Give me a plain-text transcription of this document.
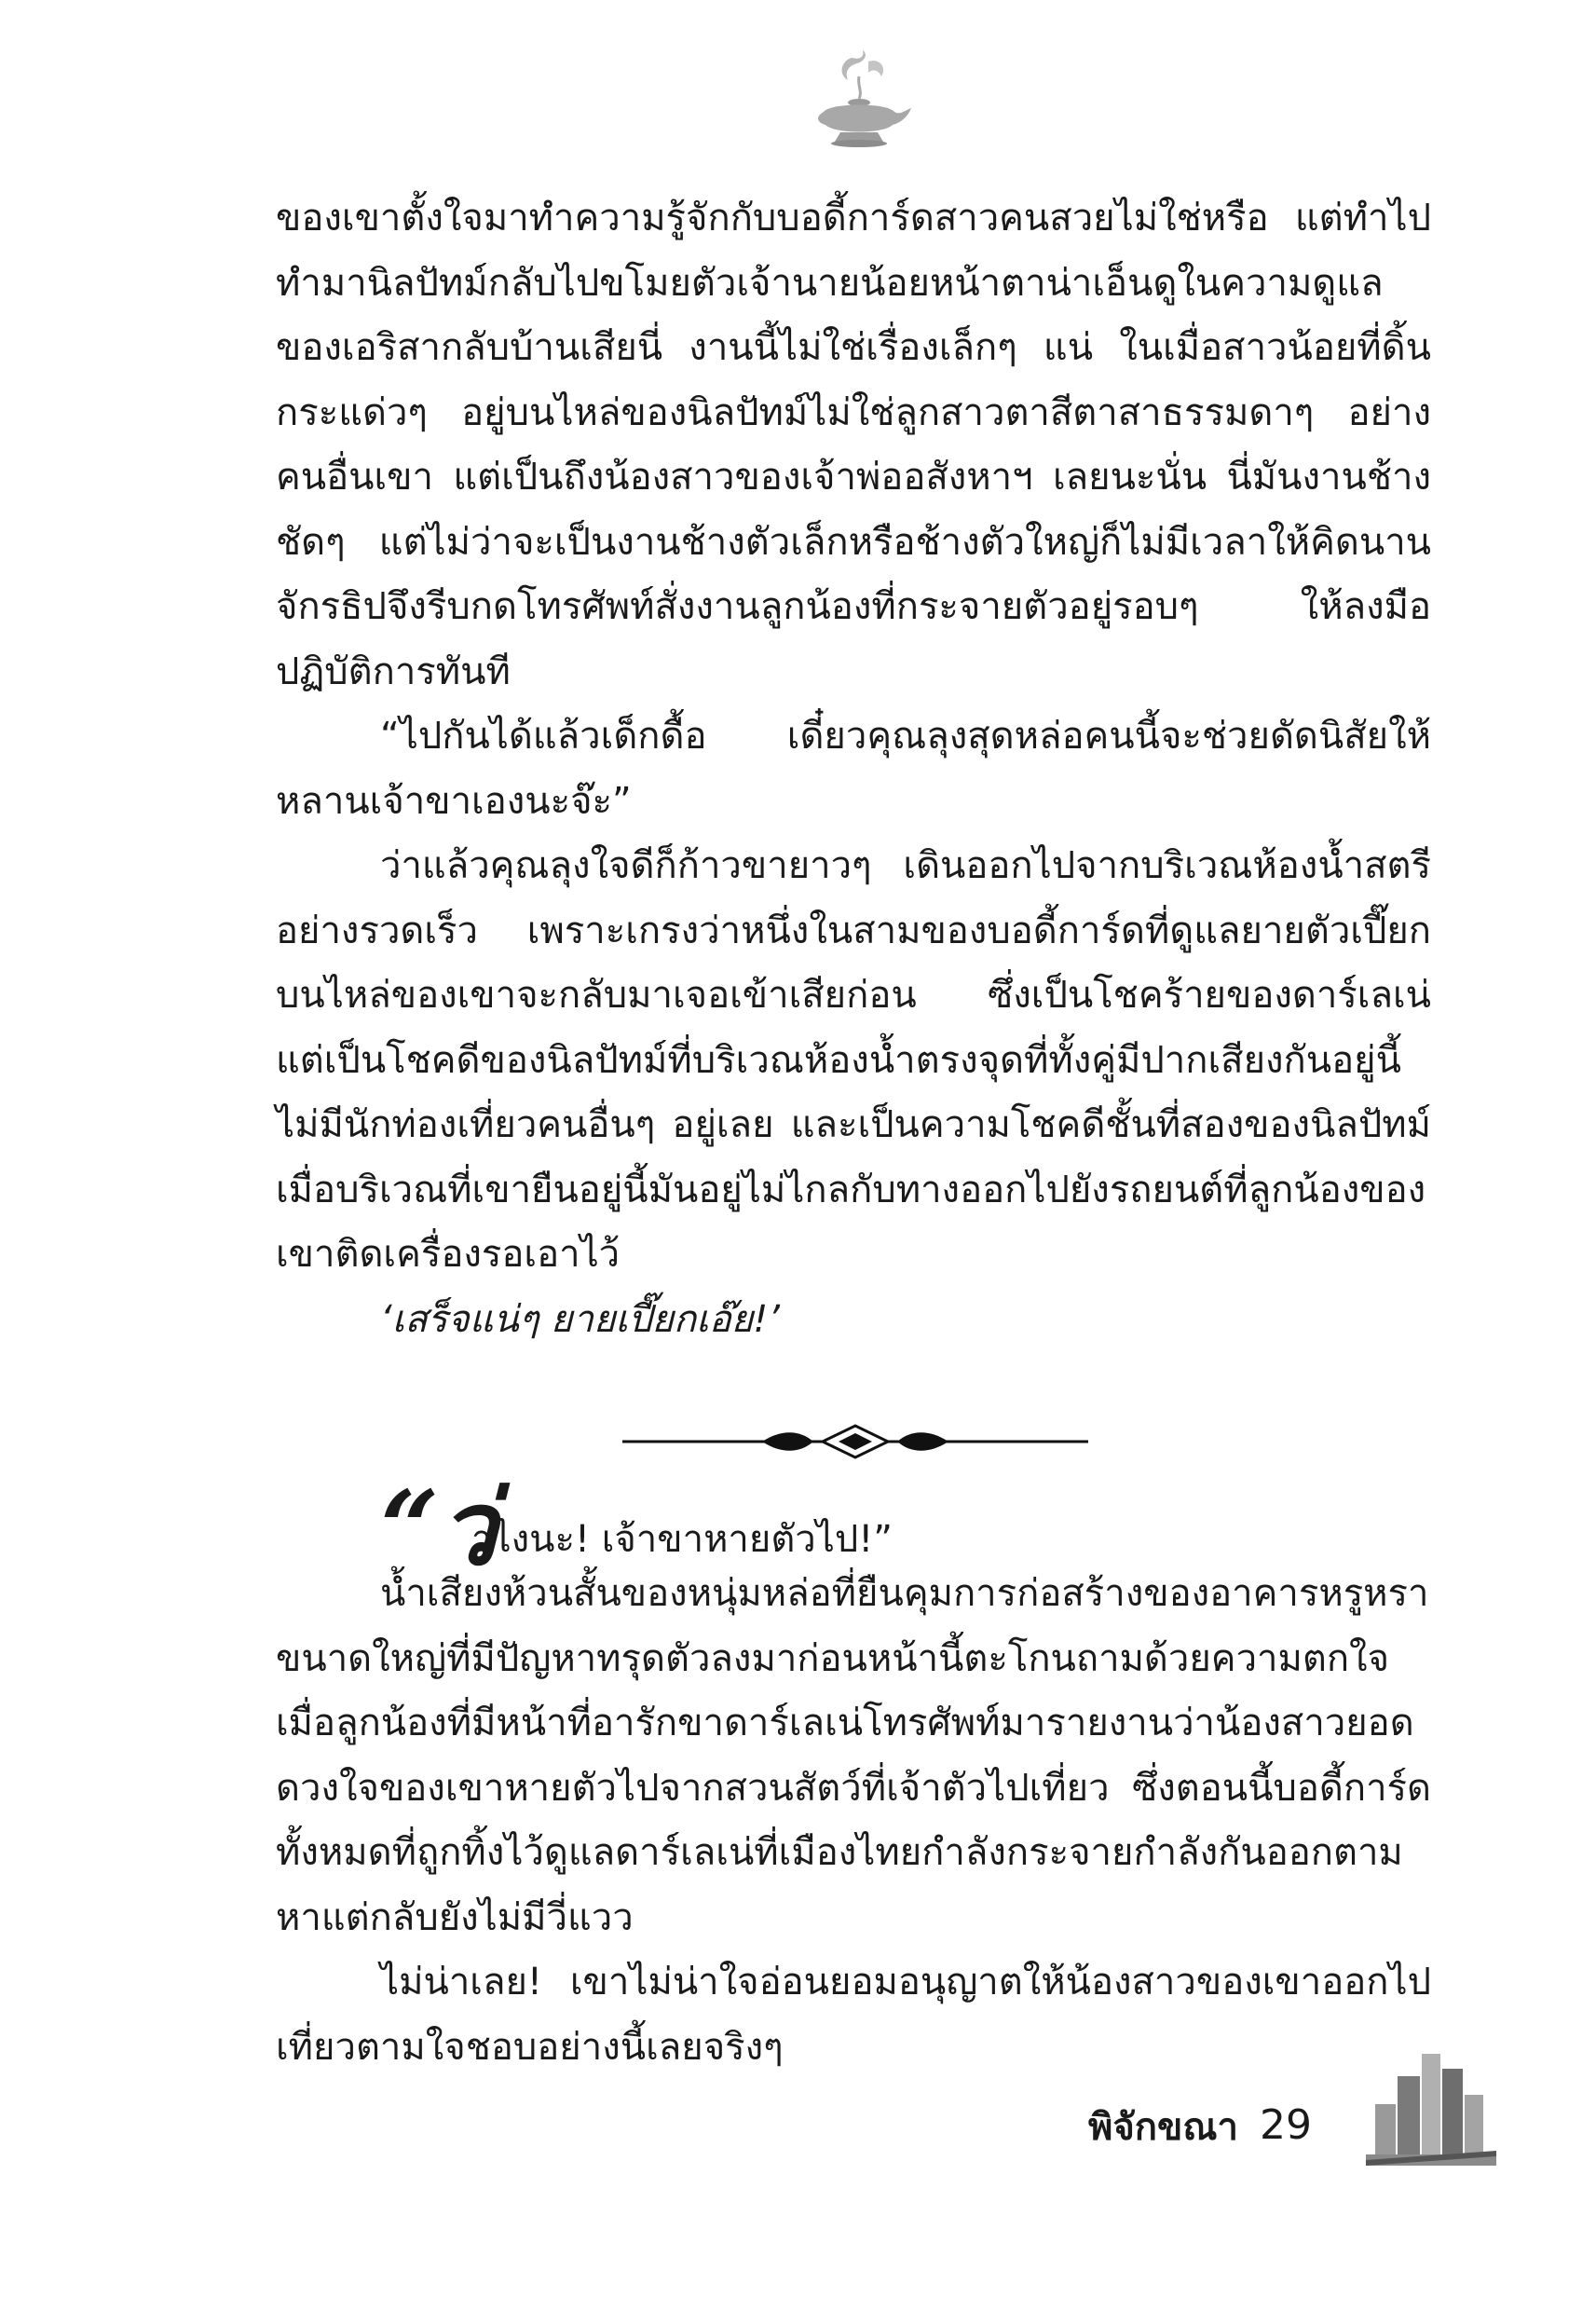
ของเขาตั้งใจมาทำความรู้จักกับบอดี้การ์ดสาวคนสวยไม่ใช่หรือ แต่ทำไปทำมานิลปัทม์กลับไปขโมยตัวเจ้านายน้อยหน้าตาน่าเอ็นดูในความดูแลของเอริสากลับบ้านเสียนี่ งานนี้ไม่ใช่เรื่องเล็กๆ แน่ ในเมื่อสาวน้อยที่ดิ้นกระแด่วๆ อยู่บนไหล่ของนิลปัทม์ไม่ใช่ลูกสาวตาสีตาสาธรรมดาๆ อย่างคนอื่นเขา แต่เป็นถึงน้องสาวของเจ้าพ่ออสังหาฯ เลยนะนั่น นี่มันงานช้างชัดๆ แต่ไม่ว่าจะเป็นงานช้างตัวเล็กหรือช้างตัวใหญ่ก็ไม่มีเวลาให้คิดนาน จักรธิปจึงรีบกดโทรศัพท์สั่งงานลูกน้องที่กระจายตัวอยู่รอบๆ ให้ลงมือปฏิบัติการทันที

“ไปกันได้แล้วเด็กดื้อ เดี๋ยวคุณลุงสุดหล่อคนนี้จะช่วยดัดนิสัยให้หลานเจ้าขาเองนะจ๊ะ”

ว่าแล้วคุณลุงใจดีก็ก้าวขายาวๆ เดินออกไปจากบริเวณห้องน้ำสตรีอย่างรวดเร็ว เพราะเกรงว่าหนึ่งในสามของบอดี้การ์ดที่ดูแลยายตัวเปี๊ยกบนไหล่ของเขาจะกลับมาเจอเข้าเสียก่อน ซึ่งเป็นโชคร้ายของดาร์เลเน่ แต่เป็นโชคดีของนิลปัทม์ที่บริเวณห้องน้ำตรงจุดที่ทั้งคู่มีปากเสียงกันอยู่นี้ไม่มีนักท่องเที่ยวคนอื่นๆ อยู่เลย และเป็นความโชคดีชั้นที่สองของนิลปัทม์ เมื่อบริเวณที่เขายืนอยู่นี้มันอยู่ไม่ไกลกับทางออกไปยังรถยนต์ที่ลูกน้องของเขาติดเครื่องรอเอาไว้

‘เสร็จแน่ๆ ยายเปี๊ยกเอ๊ย!’

“ว่
าไงนะ! เจ้าขาหายตัวไป!”

น้ำเสียงห้วนสั้นของหนุ่มหล่อที่ยืนคุมการก่อสร้างของอาคารหรูหราขนาดใหญ่ที่มีปัญหาทรุดตัวลงมาก่อนหน้านี้ตะโกนถามด้วยความตกใจ เมื่อลูกน้องที่มีหน้าที่อารักขาดาร์เลเน่โทรศัพท์มารายงานว่าน้องสาวยอดดวงใจของเขาหายตัวไปจากสวนสัตว์ที่เจ้าตัวไปเที่ยว ซึ่งตอนนี้บอดี้การ์ดทั้งหมดที่ถูกทิ้งไว้ดูแลดาร์เลเน่ที่เมืองไทยกำลังกระจายกำลังกันออกตามหาแต่กลับยังไม่มีวี่แวว

ไม่น่าเลย! เขาไม่น่าใจอ่อนยอมอนุญาตให้น้องสาวของเขาออกไปเที่ยวตามใจชอบอย่างนี้เลยจริงๆ

พิจักขณา 29
